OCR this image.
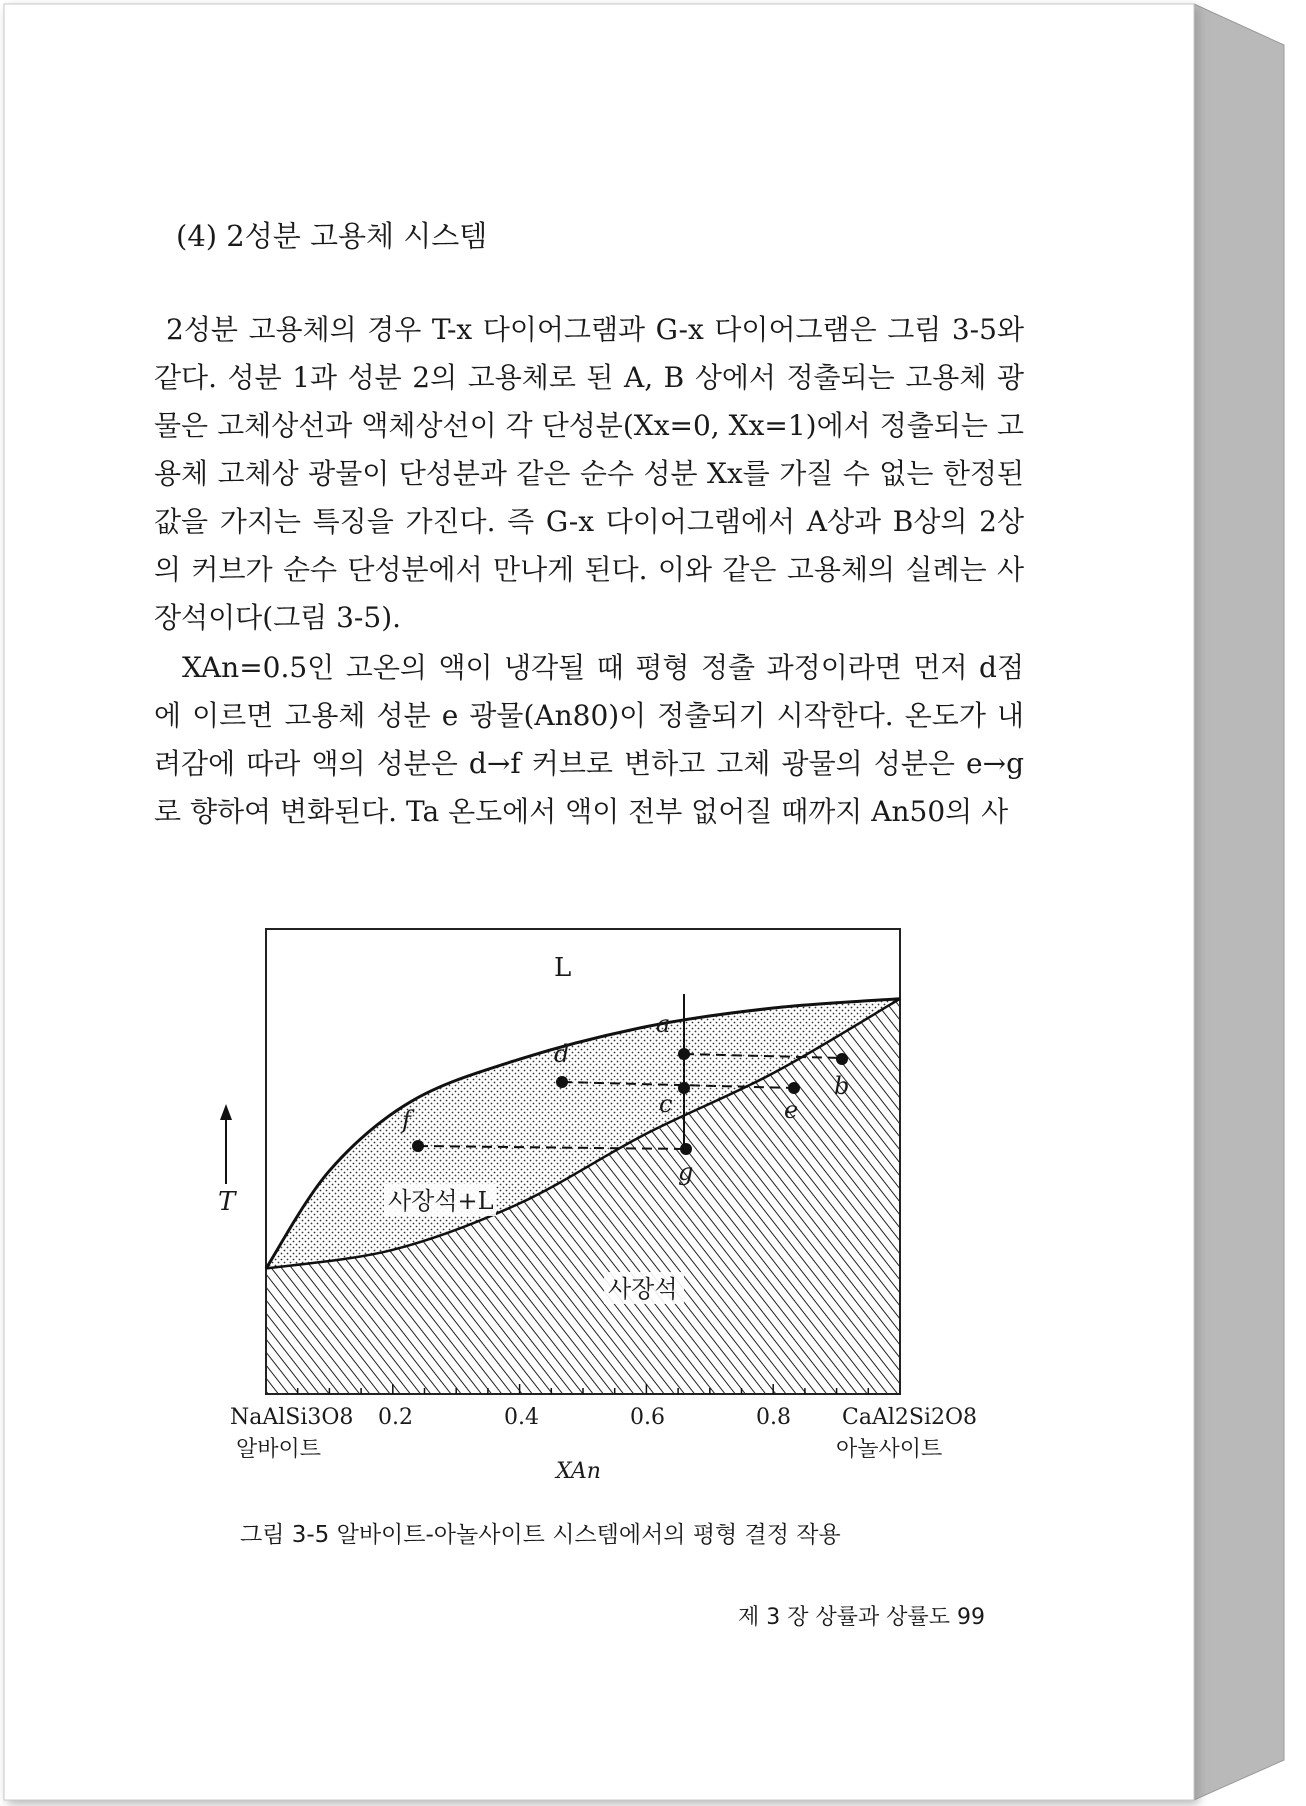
(4) 2성분 고용체 시스템

2성분 고용체의 경우 T-x 다이어그램과 G-x 다이어그램은 그림 3-5와 같다. 성분 1과 성분 2의 고용체로 된 A, B 상에서 정출되는 고용체 광물은 고체상선과 액체상선이 각 단성분(Xx=0, Xx=1)에서 정출되는 고용체 고체상 광물이 단성분과 같은 순수 성분 Xx를 가질 수 없는 한정된 값을 가지는 특징을 가진다. 즉 G-x 다이어그램에서 A상과 B상의 2상의 커브가 순수 단성분에서 만나게 된다. 이와 같은 고용체의 실례는 사장석이다(그림 3-5).

XAn=0.5인 고온의 액이 냉각될 때 평형 정출 과정이라면 먼저 d점에 이르면 고용체 성분 e 광물(An80)이 정출되기 시작한다. 온도가 내려감에 따라 액의 성분은 d→f 커브로 변하고 고체 광물의 성분은 e→g로 향하여 변화된다. Ta 온도에서 액이 전부 없어질 때까지 An50의 사

a
b
c
d
e
f
g
L
사장석+L
사장석
T
0.2	0.4	0.6	0.8
NaAlSi3O8
알바이트
CaAl2Si2O8
아놀사이트
XAn
그림 3-5 알바이트-아놀사이트 시스템에서의 평형 결정 작용
제 3 장 상률과 상률도 99
